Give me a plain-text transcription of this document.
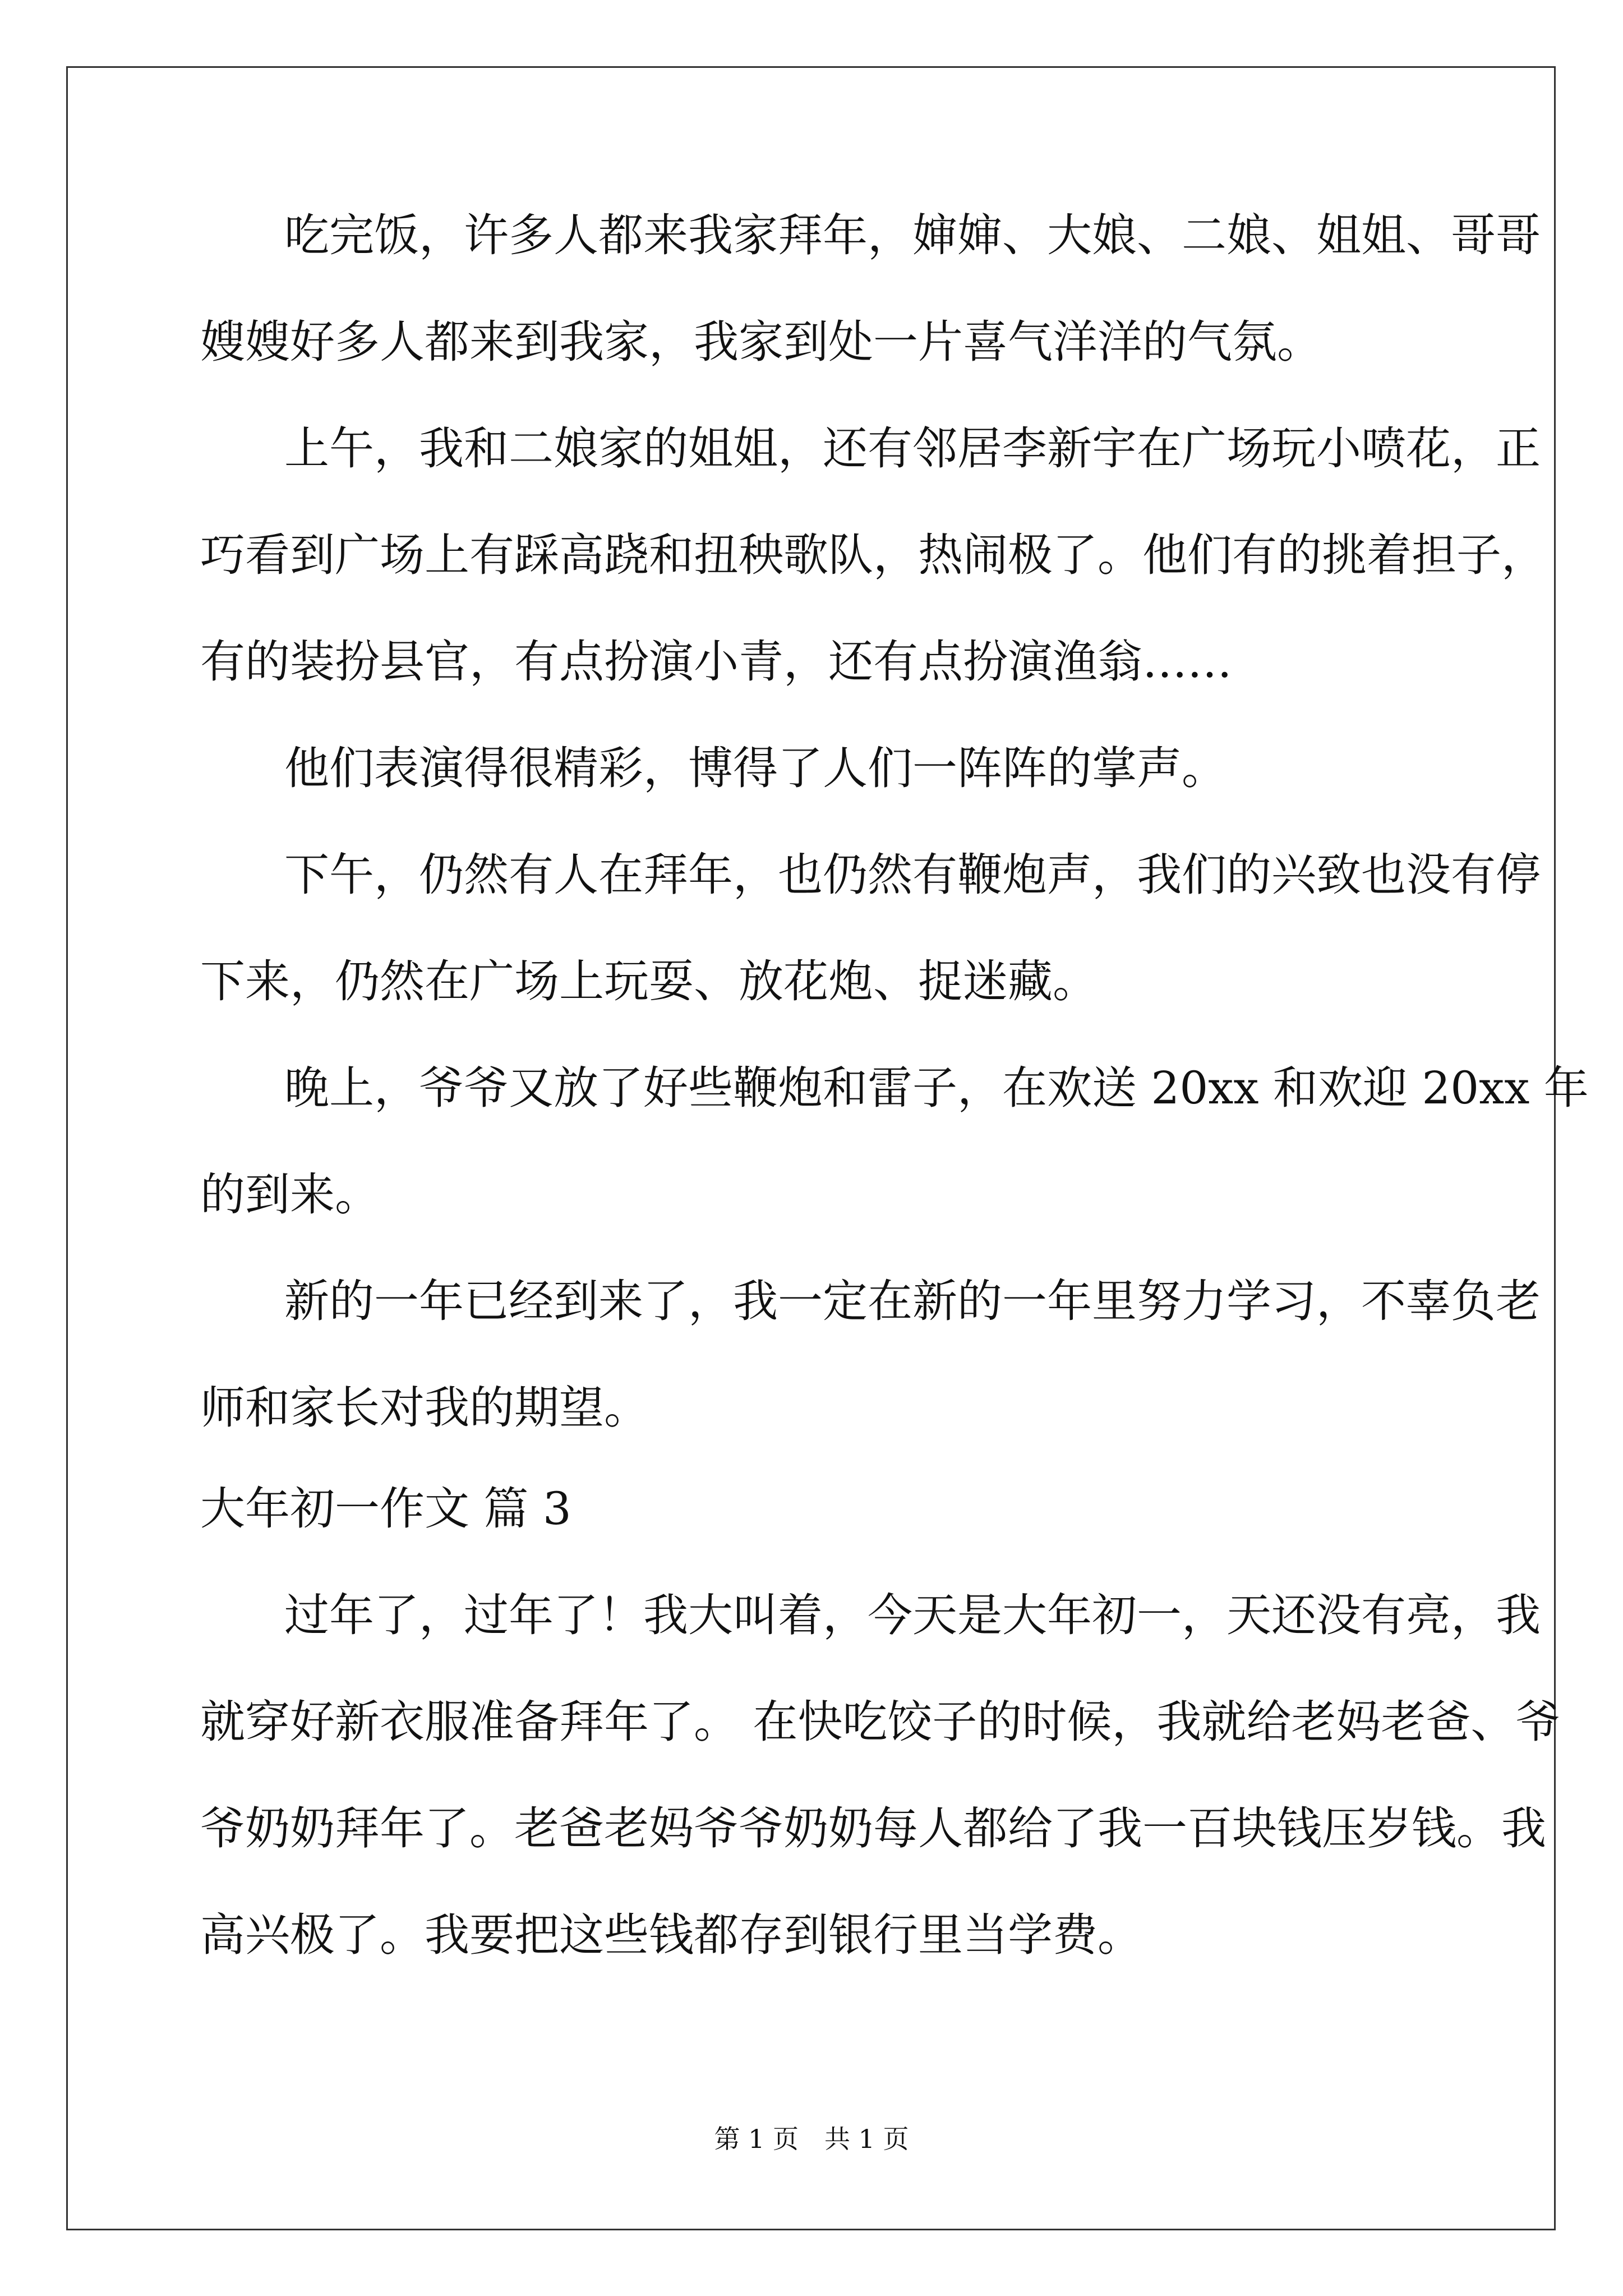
吃完饭，许多人都来我家拜年，婶婶、大娘、二娘、姐姐、哥哥

嫂嫂好多人都来到我家，我家到处一片喜气洋洋的气氛。

上午，我和二娘家的姐姐，还有邻居李新宇在广场玩小喷花，正

巧看到广场上有踩高跷和扭秧歌队，热闹极了。他们有的挑着担子，

有的装扮县官，有点扮演小青，还有点扮演渔翁……

他们表演得很精彩，博得了人们一阵阵的掌声。

下午，仍然有人在拜年，也仍然有鞭炮声，我们的兴致也没有停

下来，仍然在广场上玩耍、放花炮、捉迷藏。

晚上，爷爷又放了好些鞭炮和雷子，在欢送 20xx 和欢迎 20xx 年

的到来。

新的一年已经到来了，我一定在新的一年里努力学习，不辜负老

师和家长对我的期望。

大年初一作文 篇 3

过年了，过年了！我大叫着，今天是大年初一，天还没有亮，我

就穿好新衣服准备拜年了。 在快吃饺子的时候，我就给老妈老爸、爷

爷奶奶拜年了。老爸老妈爷爷奶奶每人都给了我一百块钱压岁钱。我

高兴极了。我要把这些钱都存到银行里当学费。

第 1 页　共 1 页
